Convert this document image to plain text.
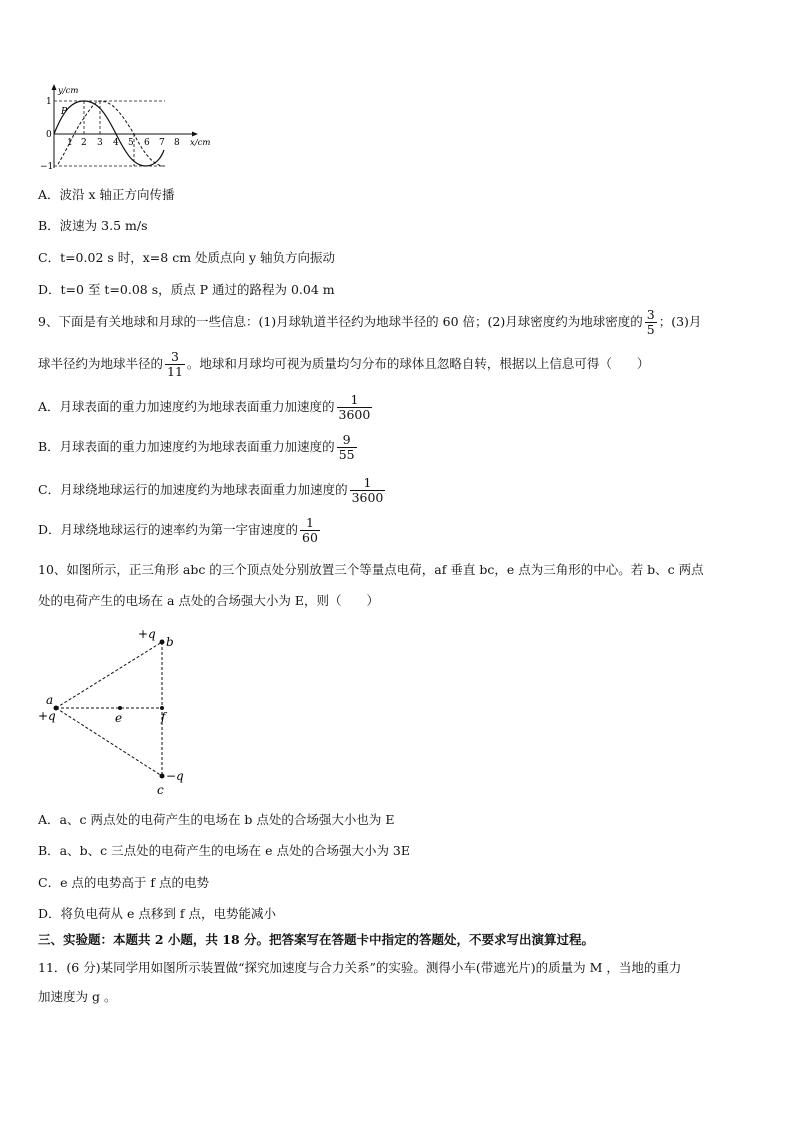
y/cm
x/cm
P
1
0
−1
1 2 3 4 5 6 7 8
A．波沿 x 轴正方向传播
B．波速为 3.5 m/s
C．t=0.02 s 时，x=8 cm 处质点向 y 轴负方向振动
D．t=0 至 t=0.08 s，质点 P 通过的路程为 0.04 m
9、下面是有关地球和月球的一些信息：(1)月球轨道半径约为地球半径的 60 倍；(2)月球密度约为地球密度的 $\frac{3}{5}$ ；(3)月
球半径约为地球半径的 $\frac{3}{11}$ 。地球和月球均可视为质量均匀分布的球体且忽略自转，根据以上信息可得（　　）
A．月球表面的重力加速度约为地球表面重力加速度的 $\frac{1}{3600}$
B．月球表面的重力加速度约为地球表面重力加速度的 $\frac{9}{55}$
C．月球绕地球运行的加速度约为地球表面重力加速度的 $\frac{1}{3600}$
D．月球绕地球运行的速率约为第一宇宙速度的 $\frac{1}{60}$
10、如图所示，正三角形 abc 的三个顶点处分别放置三个等量点电荷，af 垂直 bc，e 点为三角形的中心。若 b、c 两点
处的电荷产生的电场在 a 点处的合场强大小为 E，则（　　）
+q
b
a
+q	e	f
−q
c
A．a、c 两点处的电荷产生的电场在 b 点处的合场强大小也为 E
B．a、b、c 三点处的电荷产生的电场在 e 点处的合场强大小为 3E
C．e 点的电势高于 f 点的电势
D．将负电荷从 e 点移到 f 点，电势能减小
三、实验题：本题共 2 小题，共 18 分。把答案写在答题卡中指定的答题处，不要求写出演算过程。
11．(6 分)某同学用如图所示装置做“探究加速度与合力关系”的实验。测得小车(带遮光片)的质量为 M ，当地的重力
加速度为 g 。
